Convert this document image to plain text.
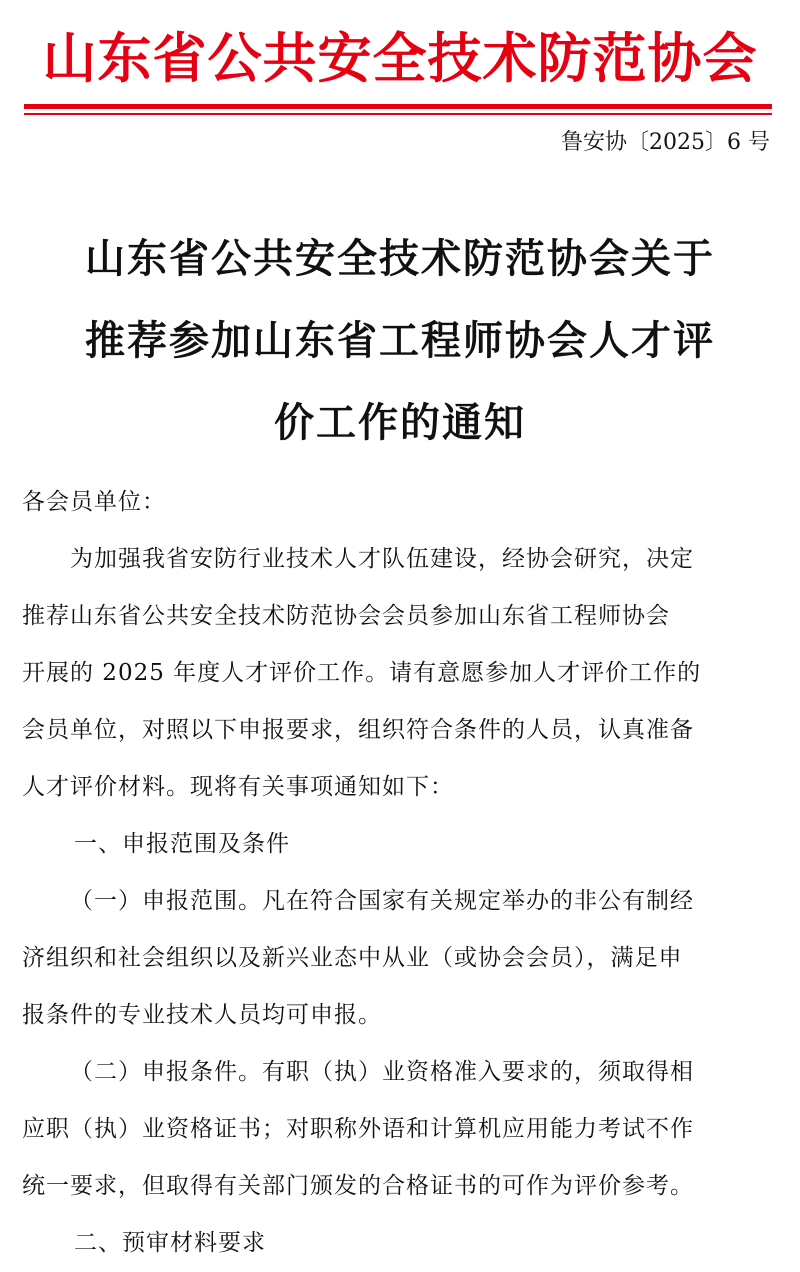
山东省公共安全技术防范协会
鲁安协〔2025〕6 号
山东省公共安全技术防范协会关于
推荐参加山东省工程师协会人才评
价工作的通知

各会员单位：

为加强我省安防行业技术人才队伍建设，经协会研究，决定
推荐山东省公共安全技术防范协会会员参加山东省工程师协会
开展的 2025 年度人才评价工作。请有意愿参加人才评价工作的
会员单位，对照以下申报要求，组织符合条件的人员，认真准备
人才评价材料。现将有关事项通知如下：

一、申报范围及条件

（一）申报范围。凡在符合国家有关规定举办的非公有制经
济组织和社会组织以及新兴业态中从业（或协会会员），满足申
报条件的专业技术人员均可申报。

（二）申报条件。有职（执）业资格准入要求的，须取得相
应职（执）业资格证书；对职称外语和计算机应用能力考试不作
统一要求，但取得有关部门颁发的合格证书的可作为评价参考。

二、预审材料要求
